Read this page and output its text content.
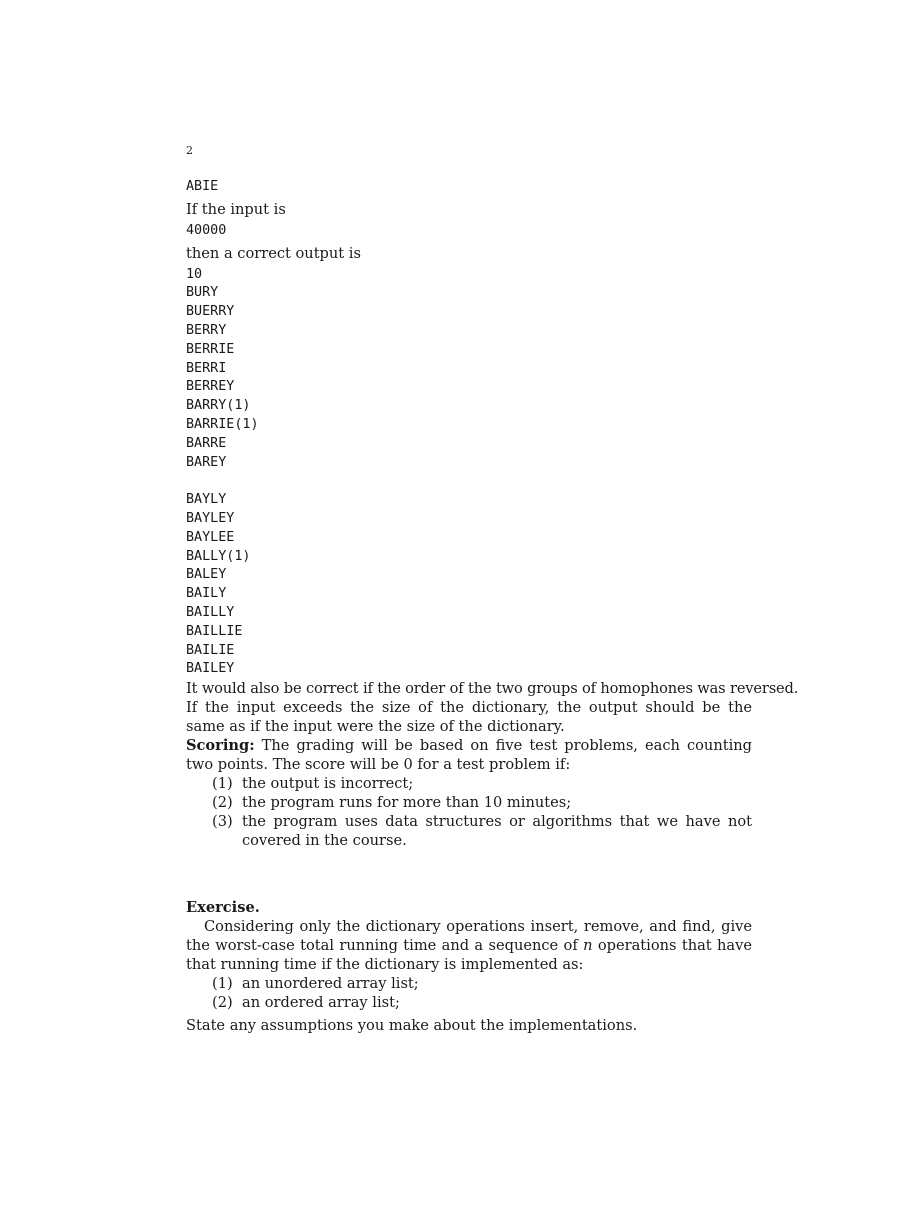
2
ABIE
If the input is
40000
then a correct output is
10
BURY
BUERRY
BERRY
BERRIE
BERRI
BERREY
BARRY(1)
BARRIE(1)
BARRE
BAREY
BAYLY
BAYLEY
BAYLEE
BALLY(1)
BALEY
BAILY
BAILLY
BAILLIE
BAILIE
BAILEY

It would also be correct if the order of the two groups of homophones was reversed.

If the input exceeds the size of the dictionary, the output should be the same as if the input were the size of the dictionary.

Scoring: The grading will be based on five test problems, each counting two points. The score will be 0 for a test problem if:

(1) the output is incorrect;
(2) the program runs for more than 10 minutes;
(3) the program uses data structures or algorithms that we have not covered in the course.
Exercise.

Considering only the dictionary operations insert, remove, and find, give the worst-case total running time and a sequence of n operations that have that running time if the dictionary is implemented as:

(1) an unordered array list;
(2) an ordered array list;

State any assumptions you make about the implementations.
